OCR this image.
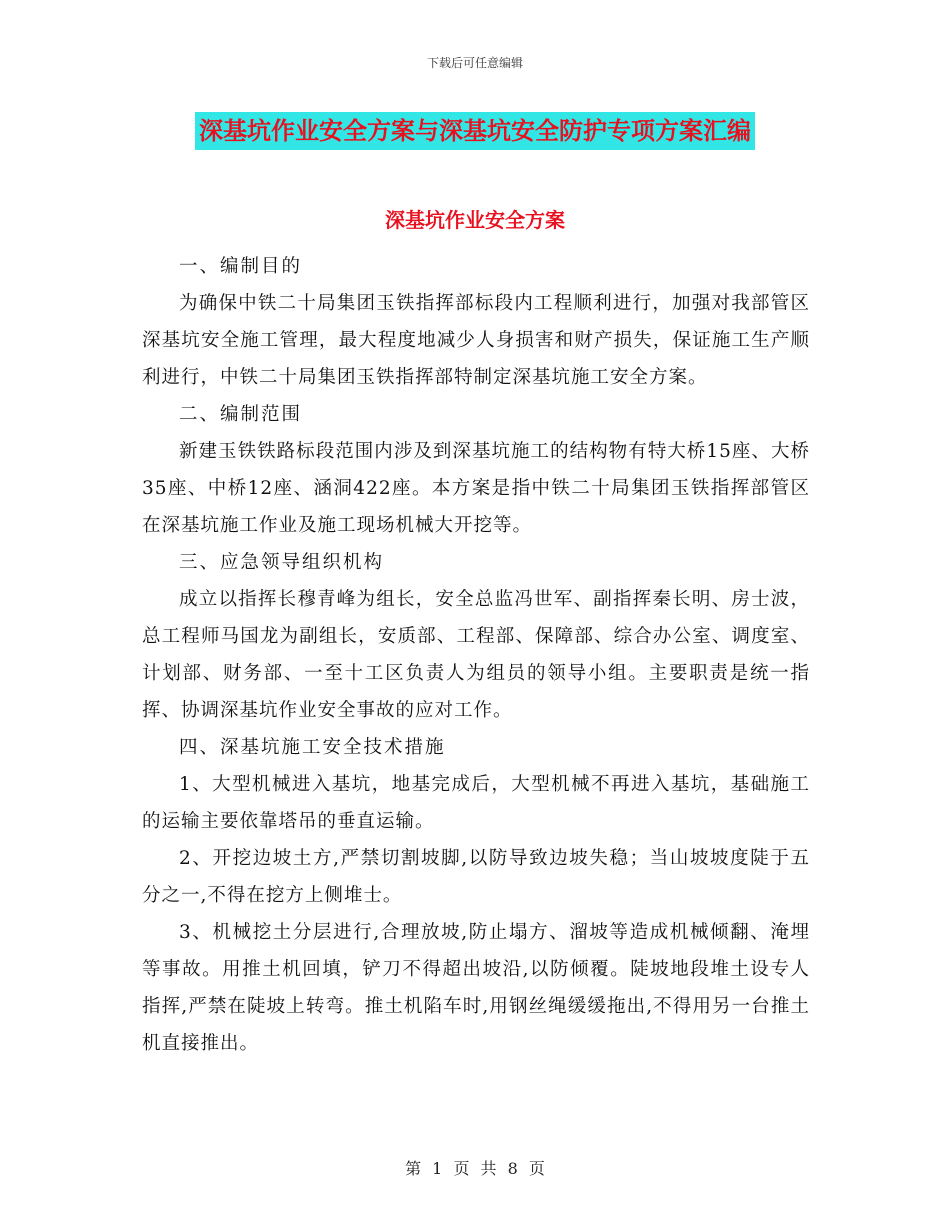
下载后可任意编辑
深基坑作业安全方案与深基坑安全防护专项方案汇编
深基坑作业安全方案

一、编制目的

为确保中铁二十局集团玉铁指挥部标段内工程顺利进行，加强对我部管区深基坑安全施工管理，最大程度地减少人身损害和财产损失，保证施工生产顺利进行，中铁二十局集团玉铁指挥部特制定深基坑施工安全方案。

二、编制范围

新建玉铁铁路标段范围内涉及到深基坑施工的结构物有特大桥15座、大桥35座、中桥12座、涵洞422座。本方案是指中铁二十局集团玉铁指挥部管区在深基坑施工作业及施工现场机械大开挖等。

三、应急领导组织机构

成立以指挥长穆青峰为组长，安全总监冯世军、副指挥秦长明、房士波，总工程师马国龙为副组长，安质部、工程部、保障部、综合办公室、调度室、计划部、财务部、一至十工区负责人为组员的领导小组。主要职责是统一指挥、协调深基坑作业安全事故的应对工作。

四、深基坑施工安全技术措施

1、大型机械进入基坑，地基完成后，大型机械不再进入基坑，基础施工的运输主要依靠塔吊的垂直运输。

2、开挖边坡土方,严禁切割坡脚,以防导致边坡失稳；当山坡坡度陡于五分之一,不得在挖方上侧堆士。

3、机械挖土分层进行,合理放坡,防止塌方、溜坡等造成机械倾翻、淹埋等事故。用推土机回填，铲刀不得超出坡沿,以防倾覆。陡坡地段堆土设专人指挥,严禁在陡坡上转弯。推土机陷车时,用钢丝绳缓缓拖出,不得用另一台推土机直接推出。

第 1 页 共 8 页
